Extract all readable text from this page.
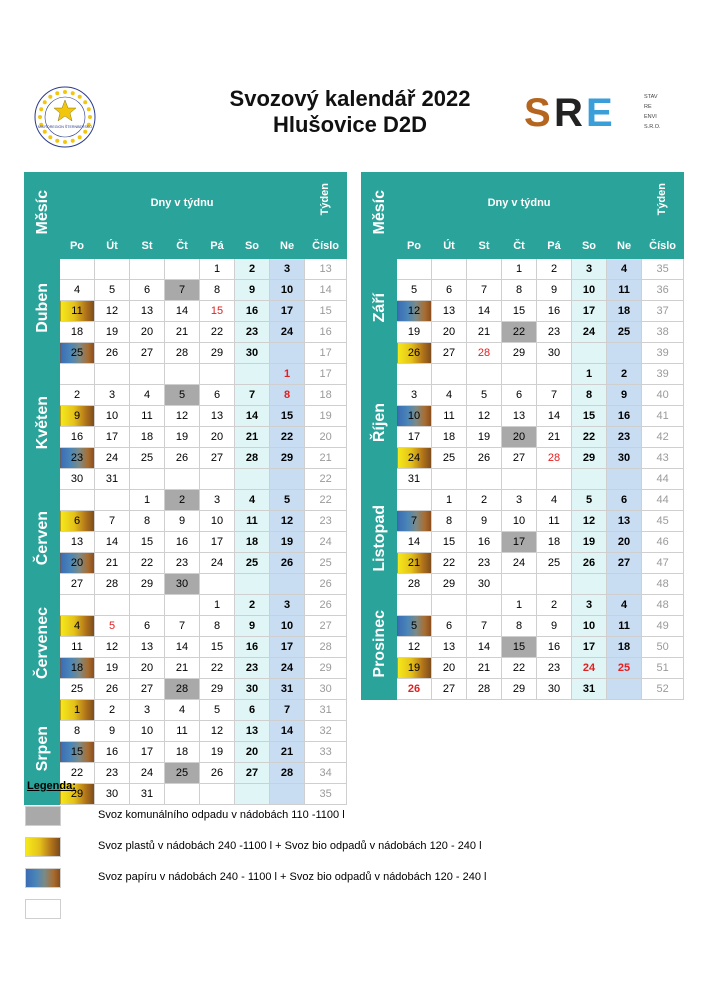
MIKROREGION ŠTERNBERSKO
Svozový kalendář 2022
Hlušovice D2D	S R E	STAV
RE
ENVI
S.R.O.
Měsíc	Dny v týdnu							Týden
	Po	Út	St	Čt	Pá	So	Ne	Číslo
Duben					1	2	3	13
	4	5	6	7	8	9	10	14
	11	12	13	14	15	16	17	15
	18	19	20	21	22	23	24	16
	25	26	27	28	29	30		17
Květen							1	17
	2	3	4	5	6	7	8	18
	9	10	11	12	13	14	15	19
	16	17	18	19	20	21	22	20
	23	24	25	26	27	28	29	21
	30	31						22
Červen			1	2	3	4	5	22
	6	7	8	9	10	11	12	23
	13	14	15	16	17	18	19	24
	20	21	22	23	24	25	26	25
	27	28	29	30				26
Červenec					1	2	3	26
	4	5	6	7	8	9	10	27
	11	12	13	14	15	16	17	28
	18	19	20	21	22	23	24	29
	25	26	27	28	29	30	31	30
Srpen	1	2	3	4	5	6	7	31
	8	9	10	11	12	13	14	32
	15	16	17	18	19	20	21	33
	22	23	24	25	26	27	28	34
	29	30	31					35
Měsíc	Dny v týdnu							Týden
	Po	Út	St	Čt	Pá	So	Ne	Číslo
Září				1	2	3	4	35
	5	6	7	8	9	10	11	36
	12	13	14	15	16	17	18	37
	19	20	21	22	23	24	25	38
	26	27	28	29	30			39
Říjen						1	2	39
	3	4	5	6	7	8	9	40
	10	11	12	13	14	15	16	41
	17	18	19	20	21	22	23	42
	24	25	26	27	28	29	30	43
	31							44
Listopad		1	2	3	4	5	6	44
	7	8	9	10	11	12	13	45
	14	15	16	17	18	19	20	46
	21	22	23	24	25	26	27	47
	28	29	30					48
Prosinec				1	2	3	4	48
	5	6	7	8	9	10	11	49
	12	13	14	15	16	17	18	50
	19	20	21	22	23	24	25	51
	26	27	28	29	30	31		52
Legenda:
Svoz komunálního odpadu v nádobách 110 -1100 l
Svoz plastů v nádobách 240 -1100 l + Svoz bio odpadů v nádobách 120 - 240 l
Svoz papíru v nádobách 240 - 1100 l + Svoz bio odpadů v nádobách 120 - 240 l
